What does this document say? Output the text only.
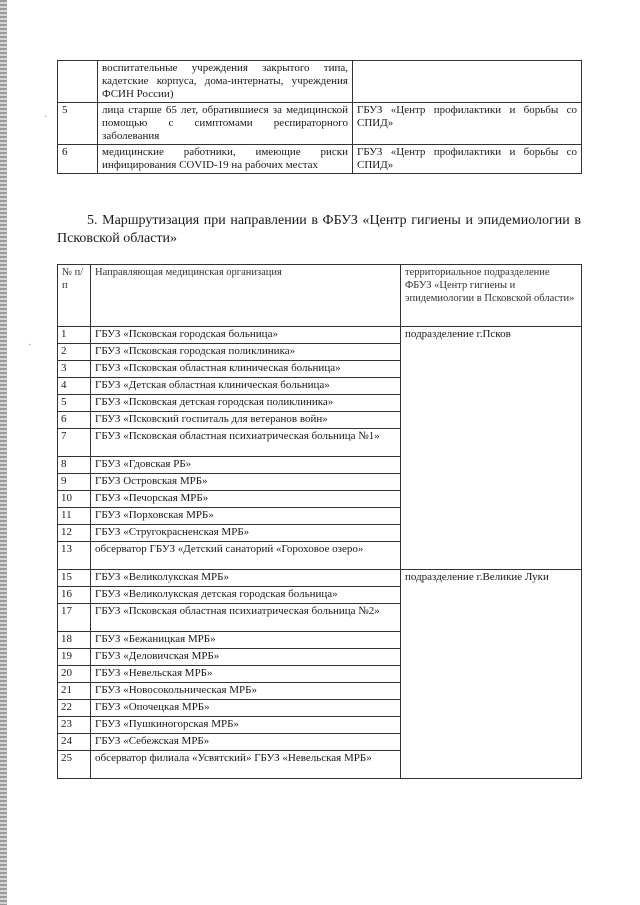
	воспитательные учреждения закрытого типа, кадетские корпуса, дома-интернаты, учреждения ФСИН России)	
5	лица старше 65 лет, обратившиеся за медицинской помощью с симптомами респираторного заболевания	ГБУЗ «Центр профилактики и борьбы со СПИД»
6	медицинские работники, имеющие риски инфицирования COVID-19 на рабочих местах	ГБУЗ «Центр профилактики и борьбы со СПИД»
5. Маршрутизация при направлении в ФБУЗ «Центр гигиены и эпидемиологии в Псковской области»
№ п/п	Направляющая медицинская организация	территориальное подразделение ФБУЗ «Центр гигиены и эпидемиологии в Псковской области»
1	ГБУЗ «Псковская городская больница»	подразделение г.Псков
2	ГБУЗ «Псковская городская поликлиника»	
3	ГБУЗ «Псковская областная клиническая больница»	
4	ГБУЗ «Детская областная клиническая больница»	
5	ГБУЗ «Псковская детская городская поликлиника»	
6	ГБУЗ «Псковский госпиталь для ветеранов войн»	
7	ГБУЗ «Псковская областная психиатрическая больница №1»	
8	ГБУЗ «Гдовская РБ»	
9	ГБУЗ Островская МРБ»	
10	ГБУЗ «Печорская МРБ»	
11	ГБУЗ «Порховская МРБ»	
12	ГБУЗ «Стругокрасненская МРБ»	
13	обсерватор ГБУЗ «Детский санаторий «Гороховое озеро»	
15	ГБУЗ «Великолукская МРБ»	подразделение г.Великие Луки
16	ГБУЗ «Великолукская детская городская больница»	
17	ГБУЗ «Псковская областная психиатрическая больница №2»	
18	ГБУЗ «Бежаницкая МРБ»	
19	ГБУЗ «Деловичская МРБ»	
20	ГБУЗ «Невельская МРБ»	
21	ГБУЗ «Новосокольническая МРБ»	
22	ГБУЗ «Опочецкая МРБ»	
23	ГБУЗ «Пушкиногорская МРБ»	
24	ГБУЗ «Себежская МРБ»	
25	обсерватор филиала «Усвятский» ГБУЗ «Невельская МРБ»	
·
·
